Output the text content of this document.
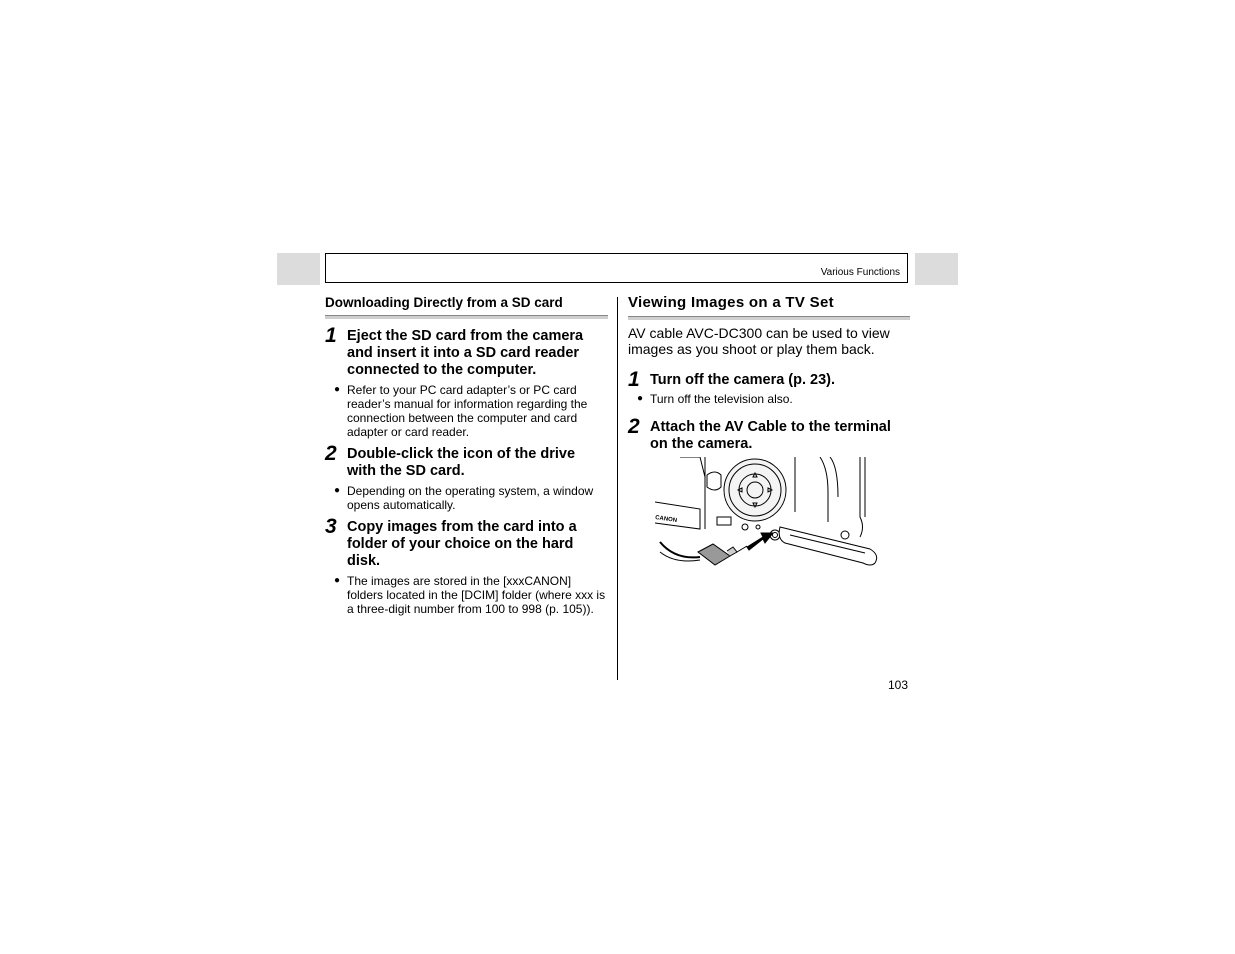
Various Functions
Downloading Directly from a SD card
1 Eject the SD card from the camera and insert it into a SD card reader connected to the computer.
● Refer to your PC card adapter’s or PC card reader’s manual for information regarding the connection between the computer and card adapter or card reader.
2 Double-click the icon of the drive with the SD card.
● Depending on the operating system, a window opens automatically.
3 Copy images from the card into a folder of your choice on the hard disk.
● The images are stored in the [xxxCANON] folders located in the [DCIM] folder (where xxx is a three-digit number from 100 to 998 (p. 105)).
Viewing Images on a TV Set
AV cable AVC-DC300 can be used to view images as you shoot or play them back.
1 Turn off the camera (p. 23).
● Turn off the television also.
2 Attach the AV Cable to the terminal on the camera.
CANON
103
